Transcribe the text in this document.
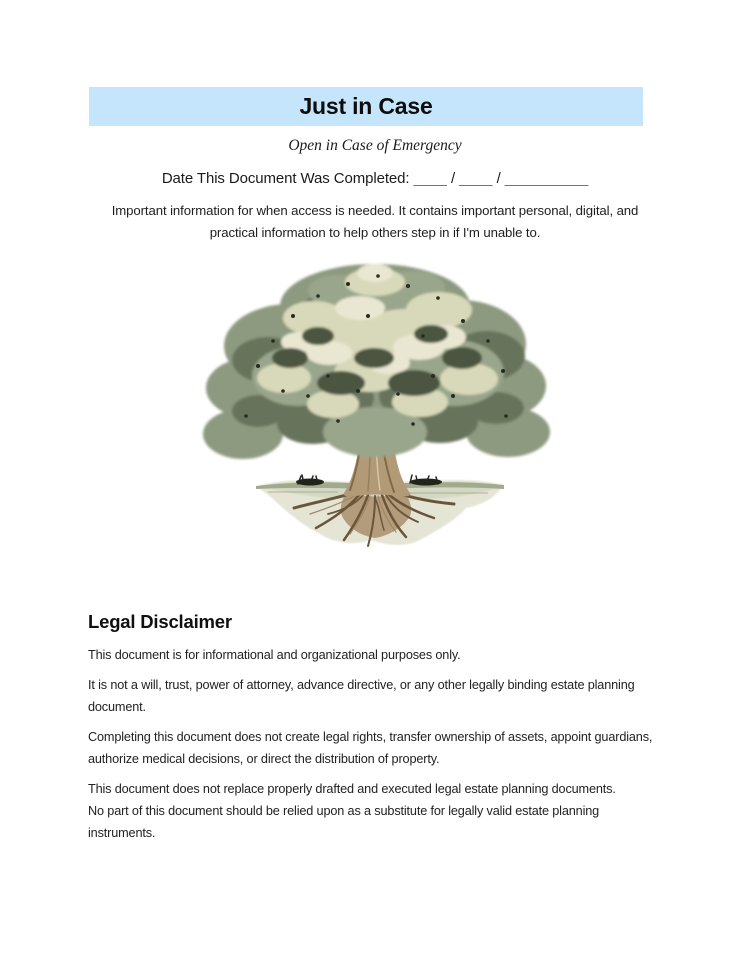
Just in Case
Open in Case of Emergency
Date This Document Was Completed: ____ / ____ / __________

Important information for when access is needed. It contains important personal, digital, and
practical information to help others step in if I'm unable to.

Legal Disclaimer

This document is for informational and organizational purposes only.

It is not a will, trust, power of attorney, advance directive, or any other legally binding estate planning
document.

Completing this document does not create legal rights, transfer ownership of assets, appoint guardians,
authorize medical decisions, or direct the distribution of property.

This document does not replace properly drafted and executed legal estate planning documents.
No part of this document should be relied upon as a substitute for legally valid estate planning
instruments.
